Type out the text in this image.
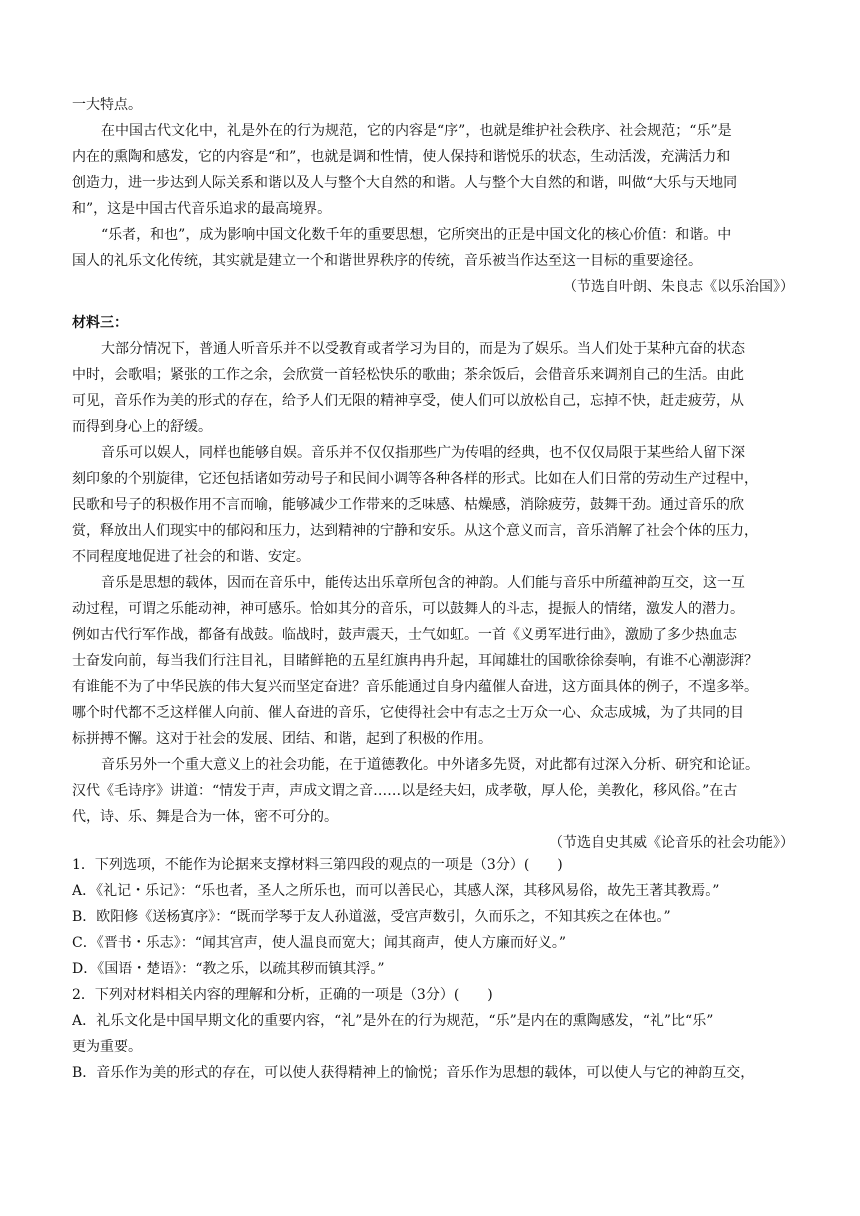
一大特点。
在中国古代文化中，礼是外在的行为规范，它的内容是“序”，也就是维护社会秩序、社会规范；“乐”是
内在的熏陶和感发，它的内容是“和”，也就是调和性情，使人保持和谐悦乐的状态，生动活泼，充满活力和
创造力，进一步达到人际关系和谐以及人与整个大自然的和谐。人与整个大自然的和谐，叫做“大乐与天地同
和”，这是中国古代音乐追求的最高境界。
“乐者，和也”，成为影响中国文化数千年的重要思想，它所突出的正是中国文化的核心价值：和谐。中
国人的礼乐文化传统，其实就是建立一个和谐世界秩序的传统，音乐被当作达至这一目标的重要途径。
（节选自叶朗、朱良志《以乐治国》）
材料三：
大部分情况下，普通人听音乐并不以受教育或者学习为目的，而是为了娱乐。当人们处于某种亢奋的状态
中时，会歌唱；紧张的工作之余，会欣赏一首轻松快乐的歌曲；茶余饭后，会借音乐来调剂自己的生活。由此
可见，音乐作为美的形式的存在，给予人们无限的精神享受，使人们可以放松自己，忘掉不快，赶走疲劳，从
而得到身心上的舒缓。
音乐可以娱人，同样也能够自娱。音乐并不仅仅指那些广为传唱的经典，也不仅仅局限于某些给人留下深
刻印象的个别旋律，它还包括诸如劳动号子和民间小调等各种各样的形式。比如在人们日常的劳动生产过程中，
民歌和号子的积极作用不言而喻，能够减少工作带来的乏味感、枯燥感，消除疲劳，鼓舞干劲。通过音乐的欣
赏，释放出人们现实中的郁闷和压力，达到精神的宁静和安乐。从这个意义而言，音乐消解了社会个体的压力，
不同程度地促进了社会的和谐、安定。
音乐是思想的载体，因而在音乐中，能传达出乐章所包含的神韵。人们能与音乐中所蕴神韵互交，这一互
动过程，可谓之乐能动神，神可感乐。恰如其分的音乐，可以鼓舞人的斗志，提振人的情绪，激发人的潜力。
例如古代行军作战，都备有战鼓。临战时，鼓声震天，士气如虹。一首《义勇军进行曲》，激励了多少热血志
士奋发向前，每当我们行注目礼，目睹鲜艳的五星红旗冉冉升起，耳闻雄壮的国歌徐徐奏响，有谁不心潮澎湃？
有谁能不为了中华民族的伟大复兴而坚定奋进？音乐能通过自身内蕴催人奋进，这方面具体的例子，不遑多举。
哪个时代都不乏这样催人向前、催人奋进的音乐，它使得社会中有志之士万众一心、众志成城，为了共同的目
标拼搏不懈。这对于社会的发展、团结、和谐，起到了积极的作用。
音乐另外一个重大意义上的社会功能，在于道德教化。中外诸多先贤，对此都有过深入分析、研究和论证。
汉代《毛诗序》讲道：“情发于声，声成文谓之音……以是经夫妇，成孝敬，厚人伦，美教化，移风俗。”在古
代，诗、乐、舞是合为一体，密不可分的。
（节选自史其威《论音乐的社会功能》）
1．下列选项，不能作为论据来支撑材料三第四段的观点的一项是（3分）(　　)
A．《礼记・乐记》：“乐也者，圣人之所乐也，而可以善民心，其感人深，其移风易俗，故先王著其教焉。”
B．欧阳修《送杨寘序》：“既而学琴于友人孙道滋，受宫声数引，久而乐之，不知其疾之在体也。”
C．《晋书・乐志》：“闻其宫声，使人温良而宽大；闻其商声，使人方廉而好义。”
D．《国语・楚语》：“教之乐，以疏其秽而镇其浮。”
2．下列对材料相关内容的理解和分析，正确的一项是（3分）(　　)
A．礼乐文化是中国早期文化的重要内容，“礼”是外在的行为规范，“乐”是内在的熏陶感发，“礼”比“乐”
更为重要。
B．音乐作为美的形式的存在，可以使人获得精神上的愉悦；音乐作为思想的载体，可以使人与它的神韵互交，
